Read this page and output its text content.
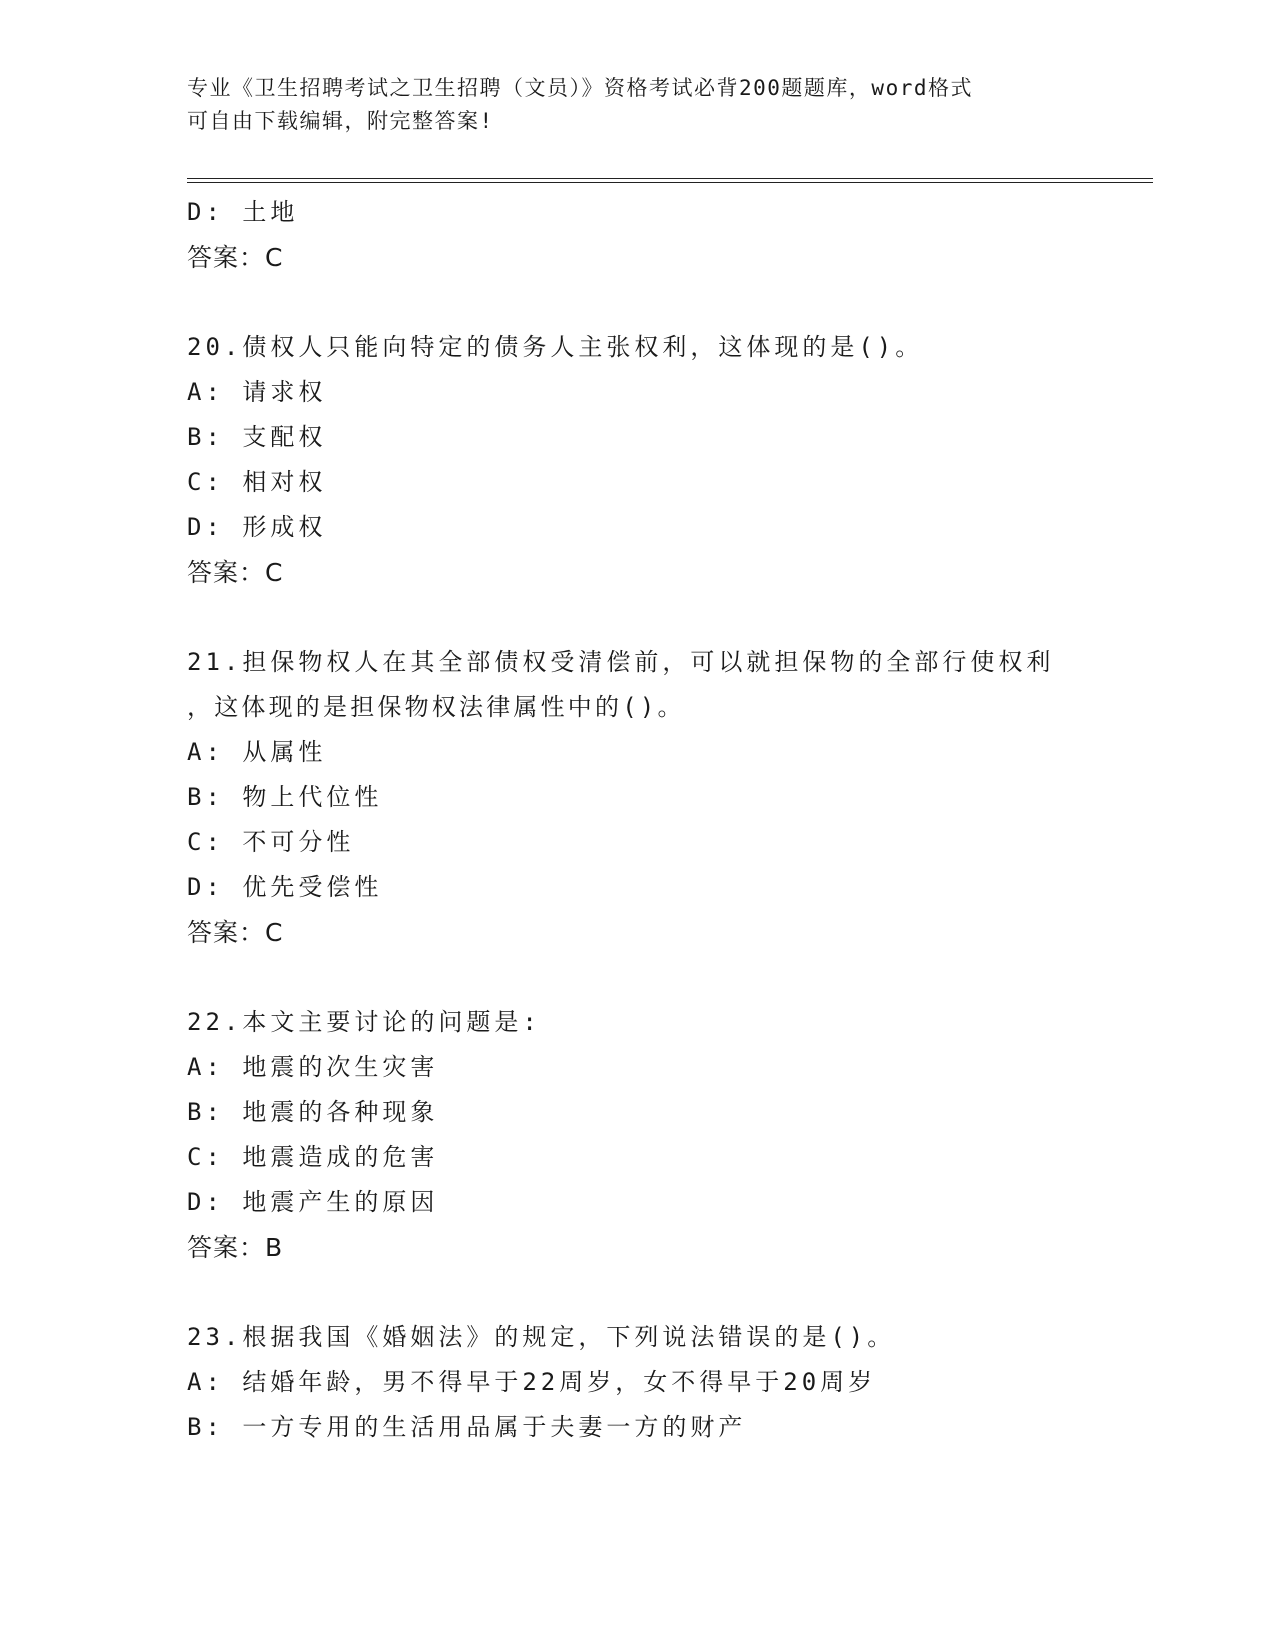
专业《卫生招聘考试之卫生招聘（文员）》资格考试必背200题题库，word格式
可自由下载编辑，附完整答案!
D: 土地
答案：C
20.债权人只能向特定的债务人主张权利，这体现的是()。
A: 请求权
B: 支配权
C: 相对权
D: 形成权
答案：C
21.担保物权人在其全部债权受清偿前，可以就担保物的全部行使权利
，这体现的是担保物权法律属性中的()。
A: 从属性
B: 物上代位性
C: 不可分性
D: 优先受偿性
答案：C
22.本文主要讨论的问题是:
A: 地震的次生灾害
B: 地震的各种现象
C: 地震造成的危害
D: 地震产生的原因
答案：B
23.根据我国《婚姻法》的规定，下列说法错误的是()。
A: 结婚年龄，男不得早于22周岁，女不得早于20周岁
B: 一方专用的生活用品属于夫妻一方的财产
